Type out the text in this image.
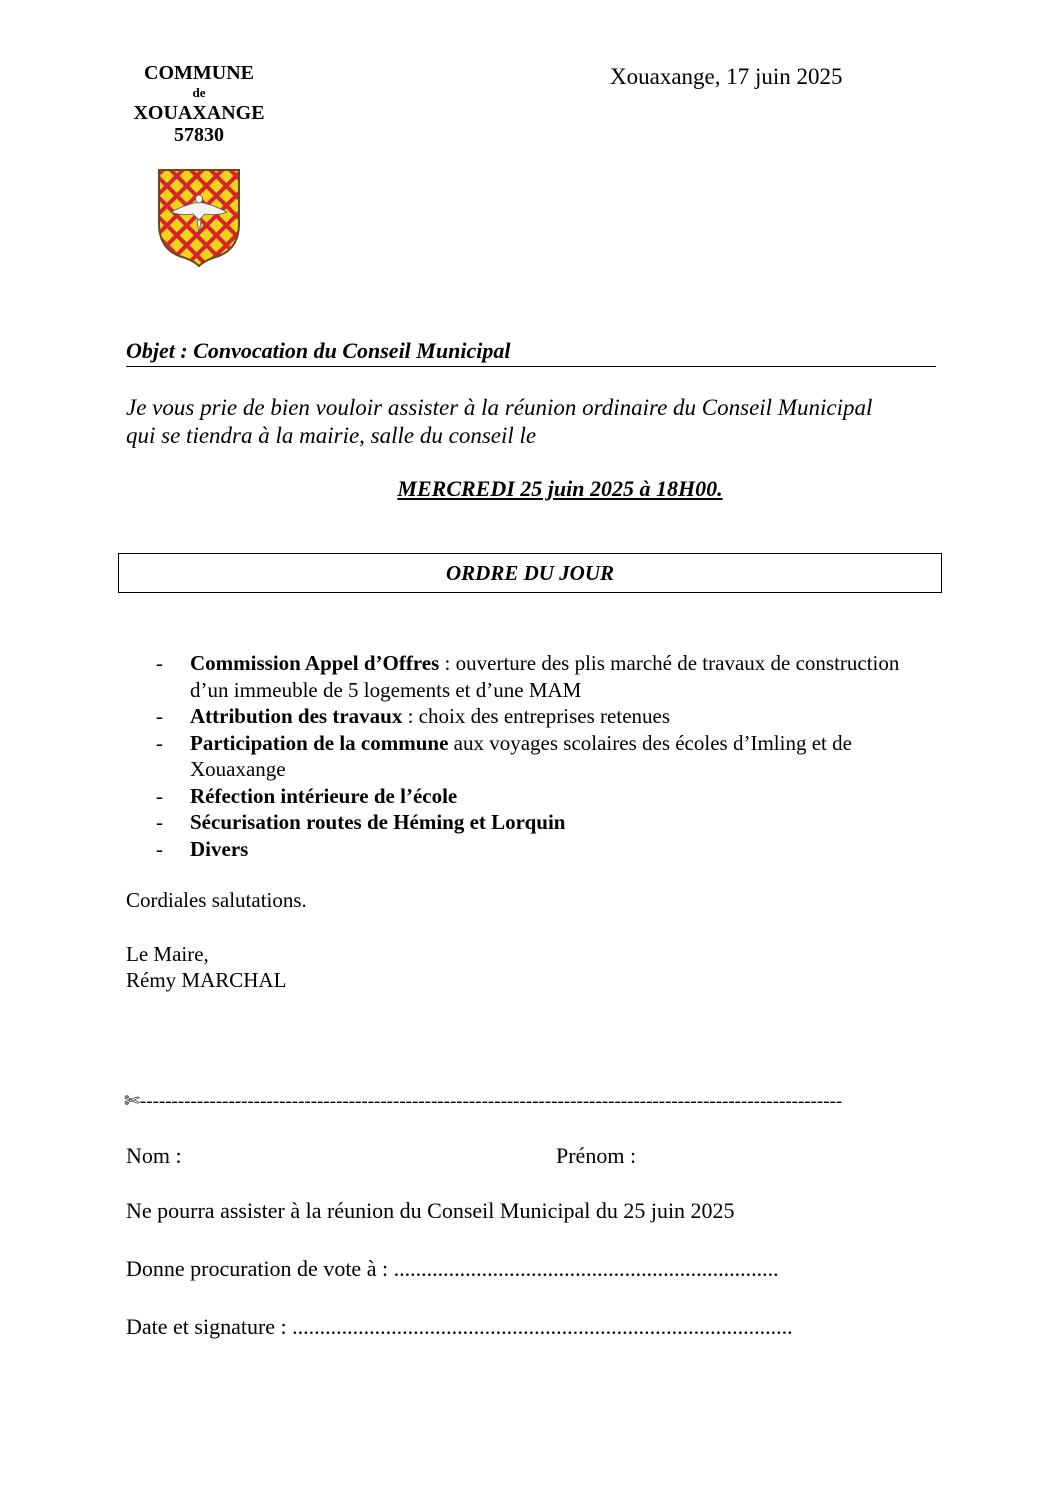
COMMUNE
de
XOUAXANGE
57830
Xouaxange, 17 juin 2025
Objet : Convocation du Conseil Municipal
Je vous prie de bien vouloir assister à la réunion ordinaire du Conseil Municipal
qui se tiendra à la mairie, salle du conseil le
MERCREDI 25 juin 2025 à 18H00.
ORDRE DU JOUR
- Commission Appel d’Offres : ouverture des plis marché de travaux de construction d’un immeuble de 5 logements et d’une MAM
- Attribution des travaux : choix des entreprises retenues
- Participation de la commune aux voyages scolaires des écoles d’Imling et de Xouaxange
- Réfection intérieure de l’école
- Sécurisation routes de Héming et Lorquin
- Divers
Cordiales salutations.
Le Maire,
Rémy MARCHAL
✄---------------------------------------------------------------------------------------------------------------
Nom :	Prénom :
Ne pourra assister à la réunion du Conseil Municipal du 25 juin 2025
Donne procuration de vote à : ......................................................................
Date et signature : ...........................................................................................
